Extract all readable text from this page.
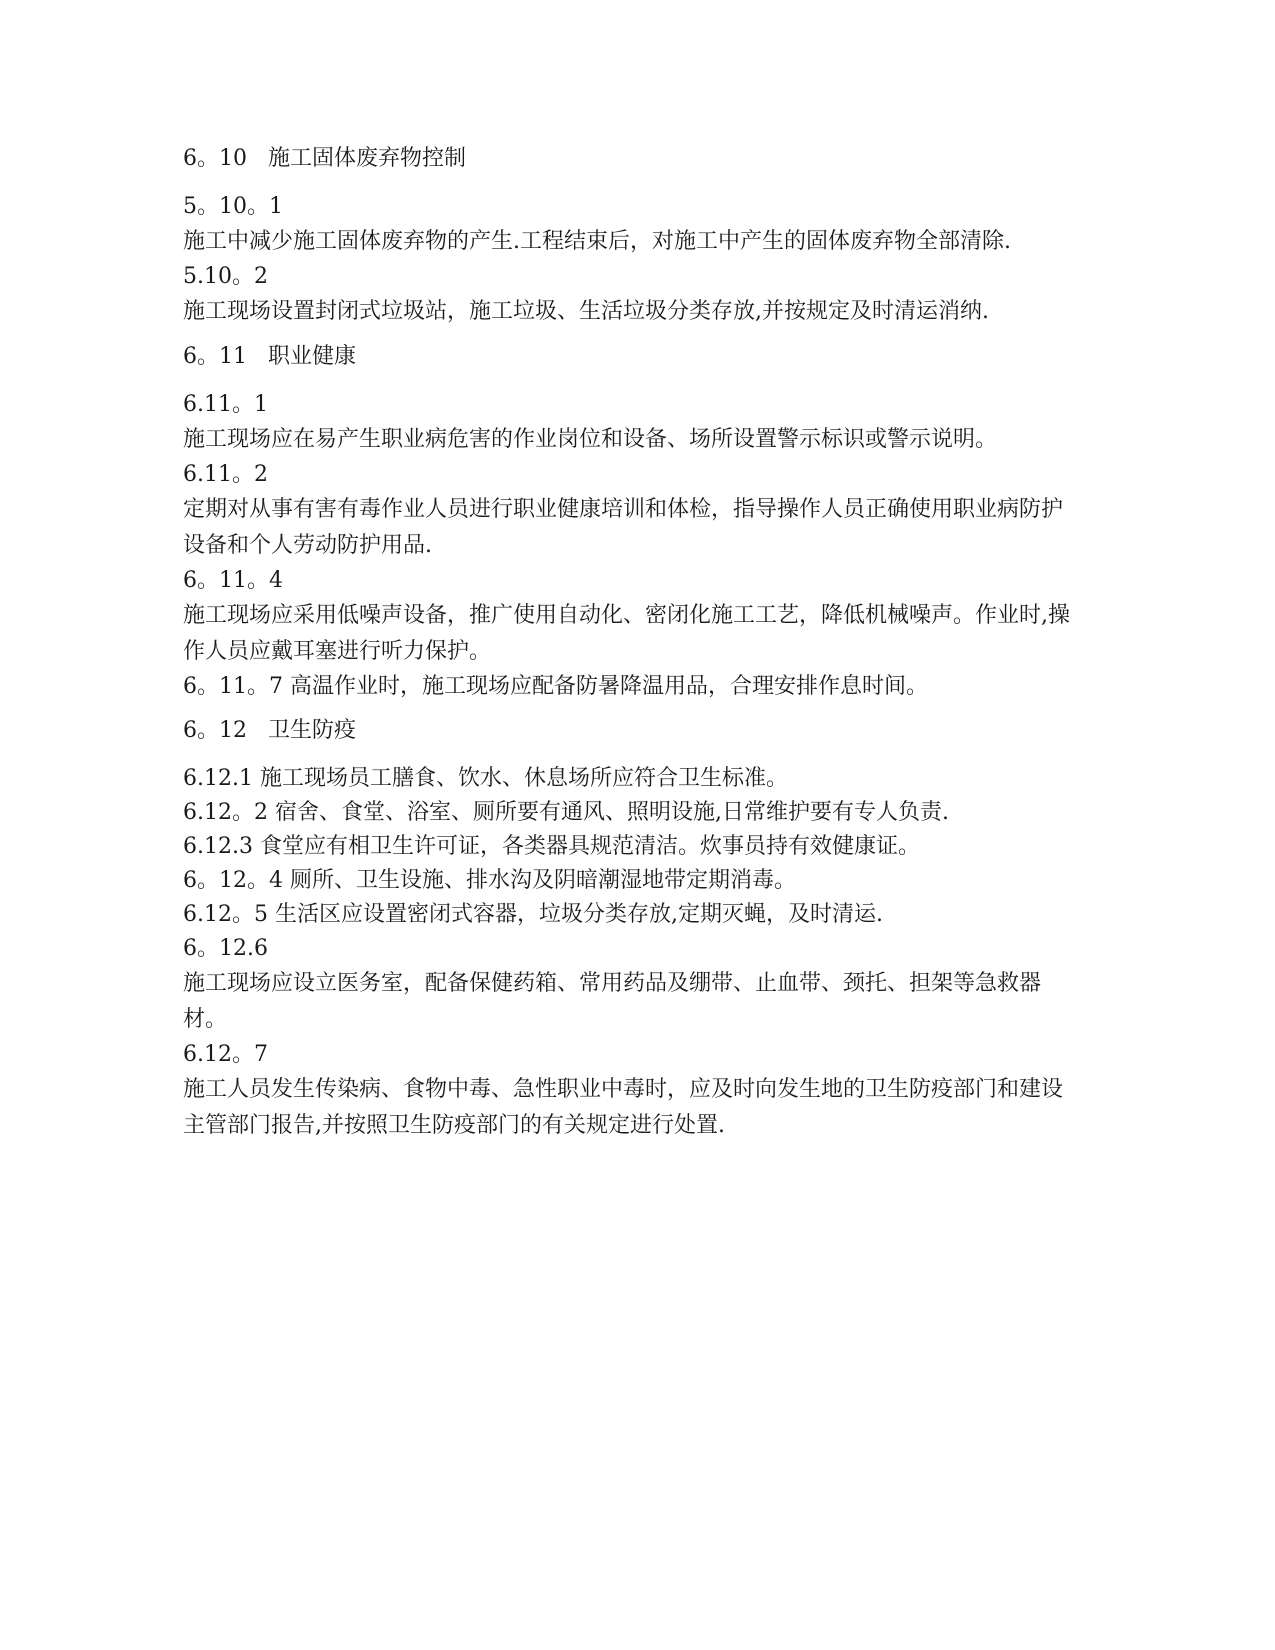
6。10   施工固体废弃物控制

5。10。1

施工中减少施工固体废弃物的产生.工程结束后，对施工中产生的固体废弃物全部清除.

5.10。2

施工现场设置封闭式垃圾站，施工垃圾、生活垃圾分类存放,并按规定及时清运消纳.

6。11   职业健康

6.11。1

施工现场应在易产生职业病危害的作业岗位和设备、场所设置警示标识或警示说明。

6.11。2

定期对从事有害有毒作业人员进行职业健康培训和体检，指导操作人员正确使用职业病防护设备和个人劳动防护用品.

6。11。4

施工现场应采用低噪声设备，推广使用自动化、密闭化施工工艺，降低机械噪声。作业时,操作人员应戴耳塞进行听力保护。

6。11。7 高温作业时，施工现场应配备防暑降温用品，合理安排作息时间。

6。12   卫生防疫

6.12.1 施工现场员工膳食、饮水、休息场所应符合卫生标准。

6.12。2 宿舍、食堂、浴室、厕所要有通风、照明设施,日常维护要有专人负责.

6.12.3 食堂应有相卫生许可证，各类器具规范清洁。炊事员持有效健康证。

6。12。4 厕所、卫生设施、排水沟及阴暗潮湿地带定期消毒。

6.12。5 生活区应设置密闭式容器，垃圾分类存放,定期灭蝇，及时清运.

6。12.6

施工现场应设立医务室，配备保健药箱、常用药品及绷带、止血带、颈托、担架等急救器材。

6.12。7

施工人员发生传染病、食物中毒、急性职业中毒时，应及时向发生地的卫生防疫部门和建设主管部门报告,并按照卫生防疫部门的有关规定进行处置.
